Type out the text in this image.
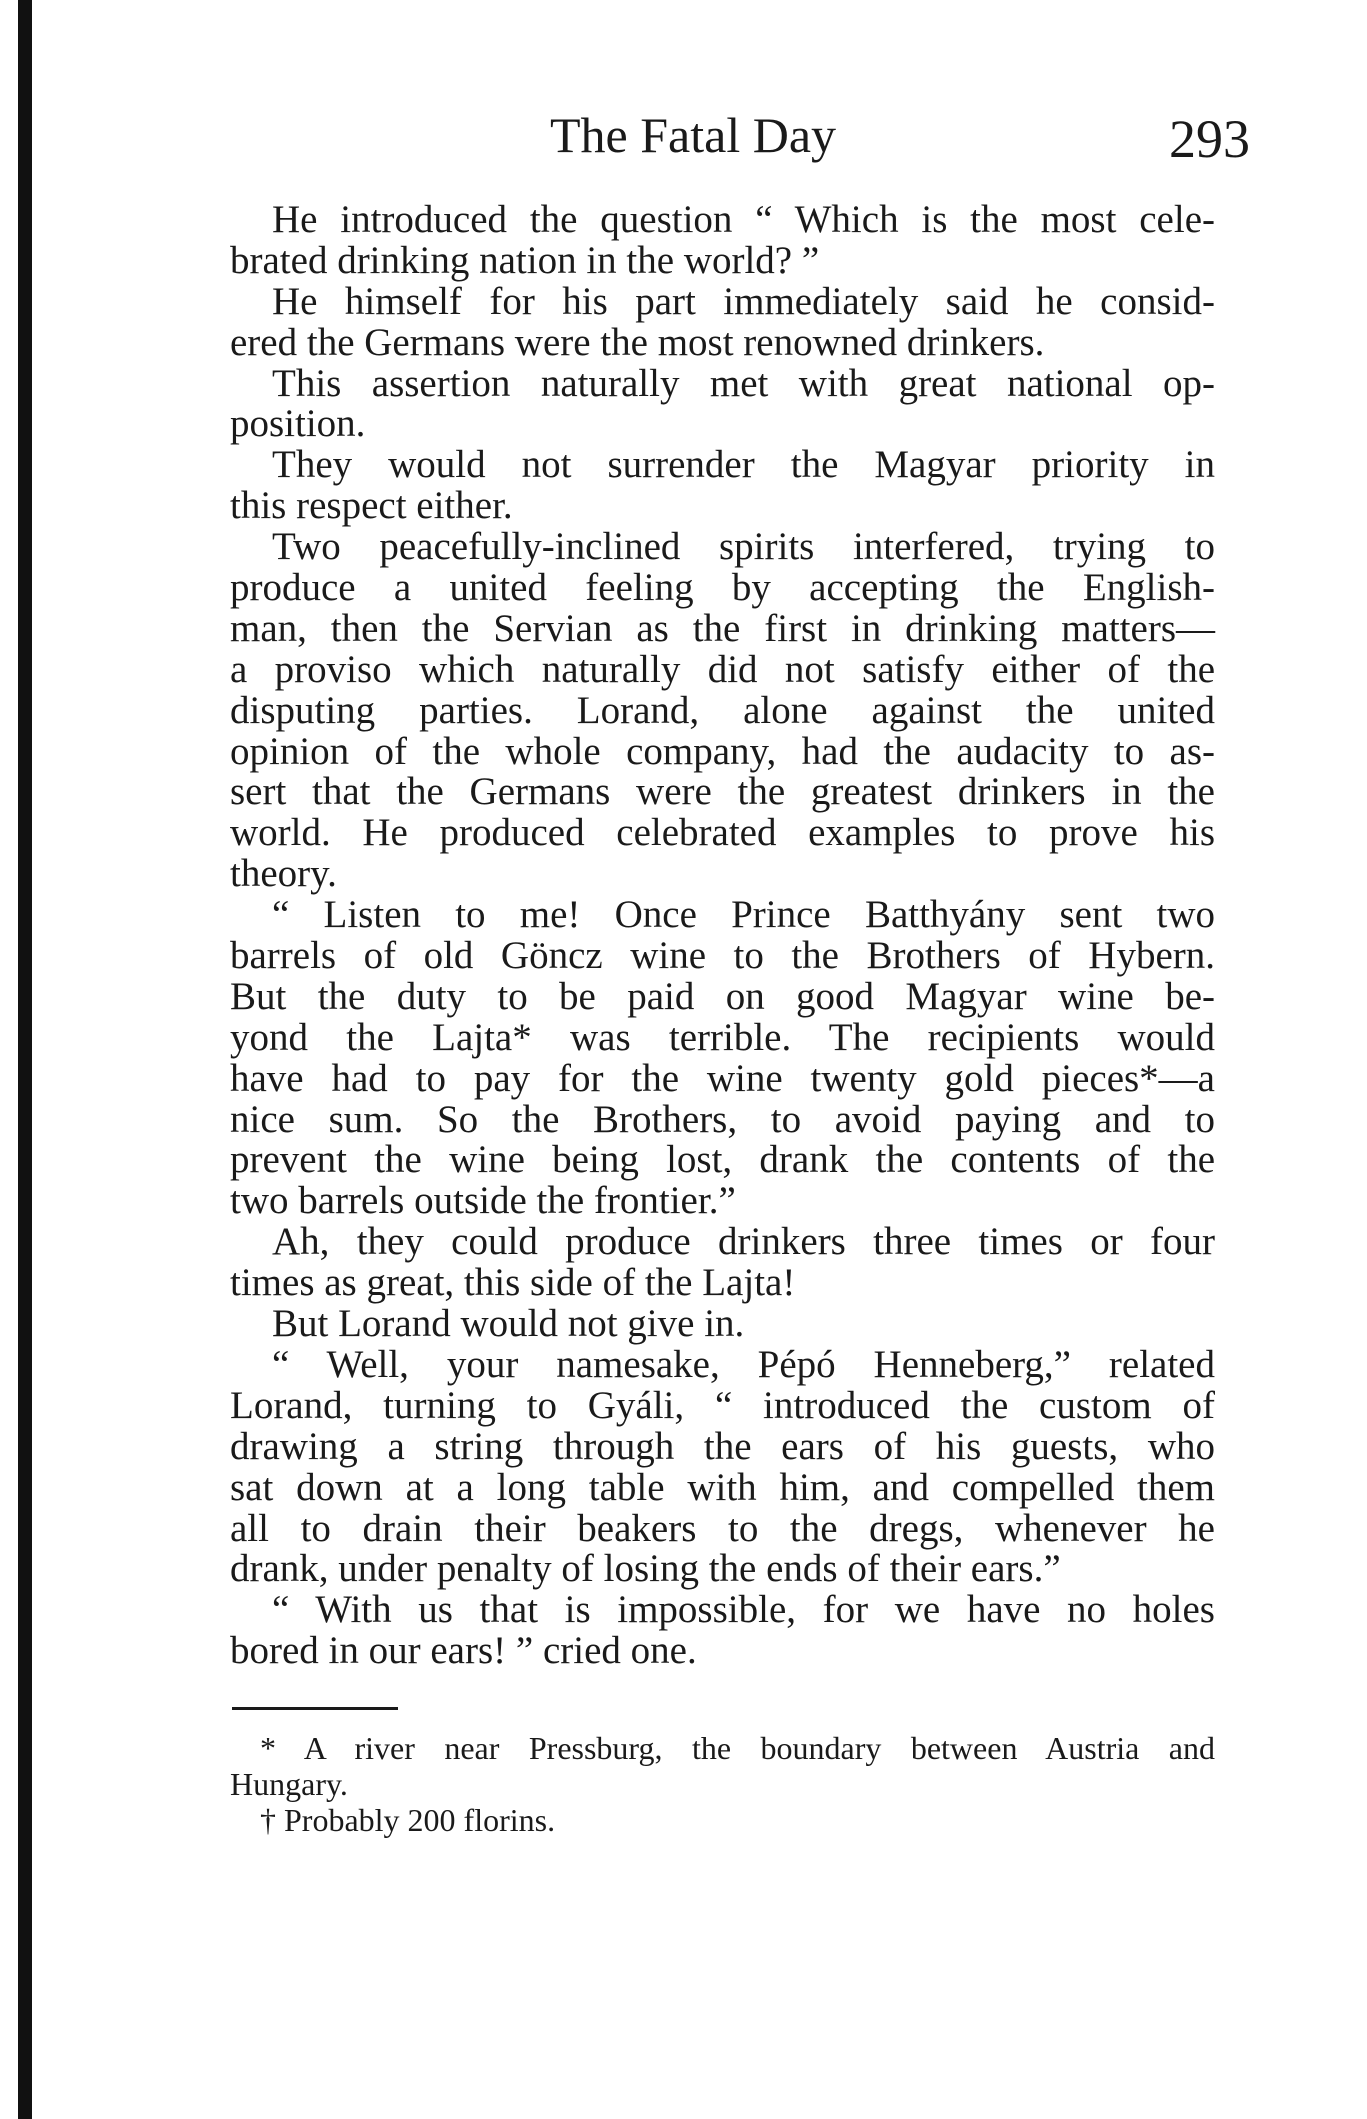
The Fatal Day	293
He introduced the question “ Which is the most cele-
brated drinking nation in the world? ”
He himself for his part immediately said he consid-
ered the Germans were the most renowned drinkers.
This assertion naturally met with great national op-
position.
They would not surrender the Magyar priority in
this respect either.
Two peacefully-inclined spirits interfered, trying to
produce a united feeling by accepting the English-
man, then the Servian as the first in drinking matters—
a proviso which naturally did not satisfy either of the
disputing parties. Lorand, alone against the united
opinion of the whole company, had the audacity to as-
sert that the Germans were the greatest drinkers in the
world. He produced celebrated examples to prove his
theory.
“ Listen to me! Once Prince Batthyány sent two
barrels of old Göncz wine to the Brothers of Hybern.
But the duty to be paid on good Magyar wine be-
yond the Lajta* was terrible. The recipients would
have had to pay for the wine twenty gold pieces*—a
nice sum. So the Brothers, to avoid paying and to
prevent the wine being lost, drank the contents of the
two barrels outside the frontier.”
Ah, they could produce drinkers three times or four
times as great, this side of the Lajta!
But Lorand would not give in.
“ Well, your namesake, Pépó Henneberg,” related
Lorand, turning to Gyáli, “ introduced the custom of
drawing a string through the ears of his guests, who
sat down at a long table with him, and compelled them
all to drain their beakers to the dregs, whenever he
drank, under penalty of losing the ends of their ears.”
“ With us that is impossible, for we have no holes
bored in our ears! ” cried one.
* A river near Pressburg, the boundary between Austria and
Hungary.
† Probably 200 florins.
